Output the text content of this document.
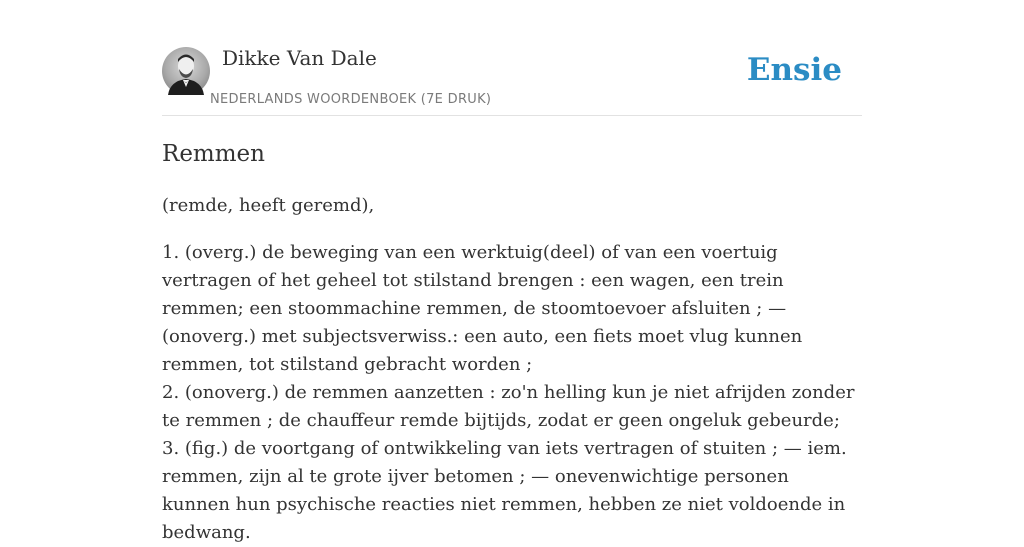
Dikke Van Dale
NEDERLANDS WOORDENBOEK (7E DRUK)
Ensie
Remmen

(remde, heeft geremd),

1. (overg.) de beweging van een werktuig(deel) of van een voertuig vertragen of het geheel tot stilstand brengen : een wagen, een trein remmen; een stoommachine remmen, de stoomtoevoer afsluiten ; — (onoverg.) met subjectsverwiss.: een auto, een fiets moet vlug kunnen remmen, tot stilstand gebracht worden ;
2. (onoverg.) de remmen aanzetten : zo'n helling kun je niet afrijden zonder te remmen ; de chauffeur remde bijtijds, zodat er geen ongeluk gebeurde;
3. (fig.) de voortgang of ontwikkeling van iets vertragen of stuiten ; — iem. remmen, zijn al te grote ijver betomen ; — onevenwichtige personen kunnen hun psychische reacties niet remmen, hebben ze niet voldoende in bedwang.
